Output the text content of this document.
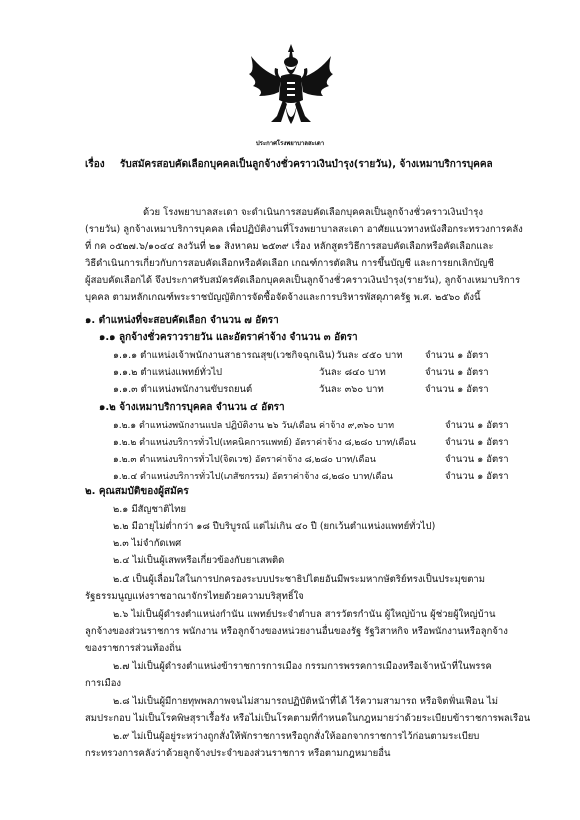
ประกาศโรงพยาบาลสะเดา
เรื่อง รับสมัครสอบคัดเลือกบุคคลเป็นลูกจ้างชั่วคราวเงินบำรุง(รายวัน), จ้างเหมาบริการบุคคล
ด้วย โรงพยาบาลสะเดา จะดำเนินการสอบคัดเลือกบุคคลเป็นลูกจ้างชั่วคราวเงินบำรุง
(รายวัน) ลูกจ้างเหมาบริการบุคคล เพื่อปฏิบัติงานที่โรงพยาบาลสะเดา อาศัยแนวทางหนังสือกระทรวงการคลัง
ที่ กค ๐๕๒๗.๖/๑๐๔๔ ลงวันที่ ๒๑ สิงหาคม ๒๕๓๙ เรื่อง หลักสูตรวิธีการสอบคัดเลือกหรือคัดเลือกและ
วิธีดำเนินการเกี่ยวกับการสอบคัดเลือกหรือคัดเลือก เกณฑ์การตัดสิน การขึ้นบัญชี และการยกเลิกบัญชี
ผู้สอบคัดเลือกได้ จึงประกาศรับสมัครคัดเลือกบุคคลเป็นลูกจ้างชั่วคราวเงินบำรุง(รายวัน), ลูกจ้างเหมาบริการ
บุคคล ตามหลักเกณฑ์พระราชบัญญัติการจัดซื้อจัดจ้างและการบริหารพัสดุภาครัฐ พ.ศ. ๒๕๖๐ ดังนี้
๑. ตำแหน่งที่จะสอบคัดเลือก จำนวน ๗ อัตรา
๑.๑ ลูกจ้างชั่วคราวรายวัน และอัตราค่าจ้าง จำนวน ๓ อัตรา
๑.๑.๑ ตำแหน่งเจ้าพนักงานสาธารณสุข(เวชกิจฉุกเฉิน) วันละ ๔๕๐ บาท จำนวน ๑ อัตรา
๑.๑.๒ ตำแหน่งแพทย์ทั่วไป	วันละ ๘๔๐ บาท	จำนวน ๑ อัตรา
๑.๑.๓ ตำแหน่งพนักงานขับรถยนต์	วันละ ๓๖๐ บาท	จำนวน ๑ อัตรา
๑.๒ จ้างเหมาบริการบุคคล จำนวน ๔ อัตรา
๑.๒.๑ ตำแหน่งพนักงานแปล ปฏิบัติงาน ๒๖ วัน/เดือน ค่าจ้าง ๙,๓๖๐ บาท	จำนวน ๑ อัตรา
๑.๒.๒ ตำแหน่งบริการทั่วไป(เทคนิคการแพทย์) อัตราค่าจ้าง ๘,๒๘๐ บาท/เดือน	จำนวน ๑ อัตรา
๑.๒.๓ ตำแหน่งบริการทั่วไป(จิตเวช) อัตราค่าจ้าง ๘,๒๘๐ บาท/เดือน	จำนวน ๑ อัตรา
๑.๒.๔ ตำแหน่งบริการทั่วไป(เภสัชกรรม) อัตราค่าจ้าง ๘,๒๘๐ บาท/เดือน	จำนวน ๑ อัตรา
๒. คุณสมบัติของผู้สมัคร
๒.๑ มีสัญชาติไทย
๒.๒ มีอายุไม่ต่ำกว่า ๑๘ ปีบริบูรณ์ แต่ไม่เกิน ๔๐ ปี (ยกเว้นตำแหน่งแพทย์ทั่วไป)
๒.๓ ไม่จำกัดเพศ
๒.๔ ไม่เป็นผู้เสพหรือเกี่ยวข้องกับยาเสพติด
๒.๕ เป็นผู้เลื่อมใสในการปกครองระบบประชาธิปไตยอันมีพระมหากษัตริย์ทรงเป็นประมุขตาม
รัฐธรรมนูญแห่งราชอาณาจักรไทยด้วยความบริสุทธิ์ใจ
๒.๖ ไม่เป็นผู้ดำรงตำแหน่งกำนัน แพทย์ประจำตำบล สารวัตรกำนัน ผู้ใหญ่บ้าน ผู้ช่วยผู้ใหญ่บ้าน
ลูกจ้างของส่วนราชการ พนักงาน หรือลูกจ้างของหน่วยงานอื่นของรัฐ รัฐวิสาหกิจ หรือพนักงานหรือลูกจ้าง
ของราชการส่วนท้องถิ่น
๒.๗ ไม่เป็นผู้ดำรงตำแหน่งข้าราชการการเมือง กรรมการพรรคการเมืองหรือเจ้าหน้าที่ในพรรค
การเมือง
๒.๘ ไม่เป็นผู้มีกายทุพพลภาพจนไม่สามารถปฏิบัติหน้าที่ได้ ไร้ความสามารถ หรือจิตฟั่นเฟือน ไม่
สมประกอบ ไม่เป็นโรคพิษสุราเรื้อรัง หรือไม่เป็นโรคตามที่กำหนดในกฎหมายว่าด้วยระเบียบข้าราชการพลเรือน
๒.๙ ไม่เป็นผู้อยู่ระหว่างถูกสั่งให้พักราชการหรือถูกสั่งให้ออกจากราชการไว้ก่อนตามระเบียบ
กระทรวงการคลังว่าด้วยลูกจ้างประจำของส่วนราชการ หรือตามกฎหมายอื่น
